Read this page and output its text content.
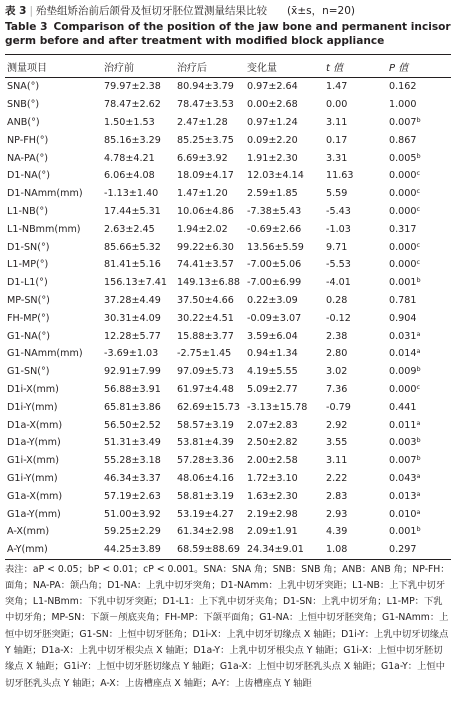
表 3 | 殆垫组矫治前后颌骨及恒切牙胚位置测量结果比较 (x̄±s，n=20)
Table 3 Comparison of the position of the jaw bone and permanent incisor germ before and after treatment with modified block appliance
测量项目	治疗前	治疗后	变化量	t 值	P 值
SNA(°)	79.97±2.38	80.94±3.79	0.97±2.64	1.47	0.162
SNB(°)	78.47±2.62	78.47±3.53	0.00±2.68	0.00	1.000
ANB(°)	1.50±1.53	2.47±1.28	0.97±1.24	3.11	0.007$^b$
NP-FH(°)	85.16±3.29	85.25±3.75	0.09±2.20	0.17	0.867
NA-PA(°)	4.78±4.21	6.69±3.92	1.91±2.30	3.31	0.005$^b$
D1-NA(°)	6.06±4.08	18.09±4.17	12.03±4.14	11.63	0.000$^c$
D1-NAmm(mm)	-1.13±1.40	1.47±1.20	2.59±1.85	5.59	0.000$^c$
L1-NB(°)	17.44±5.31	10.06±4.86	-7.38±5.43	-5.43	0.000$^c$
L1-NBmm(mm)	2.63±2.45	1.94±2.02	-0.69±2.66	-1.03	0.317
D1-SN(°)	85.66±5.32	99.22±6.30	13.56±5.59	9.71	0.000$^c$
L1-MP(°)	81.41±5.16	74.41±3.57	-7.00±5.06	-5.53	0.000$^c$
D1-L1(°)	156.13±7.41	149.13±6.88	-7.00±6.99	-4.01	0.001$^b$
MP-SN(°)	37.28±4.49	37.50±4.66	0.22±3.09	0.28	0.781
FH-MP(°)	30.31±4.09	30.22±4.51	-0.09±3.07	-0.12	0.904
G1-NA(°)	12.28±5.77	15.88±3.77	3.59±6.04	2.38	0.031$^a$
G1-NAmm(mm)	-3.69±1.03	-2.75±1.45	0.94±1.34	2.80	0.014$^a$
G1-SN(°)	92.91±7.99	97.09±5.73	4.19±5.55	3.02	0.009$^b$
D1i-X(mm)	56.88±3.91	61.97±4.48	5.09±2.77	7.36	0.000$^c$
D1i-Y(mm)	65.81±3.86	62.69±15.73	-3.13±15.78	-0.79	0.441
D1a-X(mm)	56.50±2.52	58.57±3.19	2.07±2.83	2.92	0.011$^a$
D1a-Y(mm)	51.31±3.49	53.81±4.39	2.50±2.82	3.55	0.003$^b$
G1i-X(mm)	55.28±3.18	57.28±3.36	2.00±2.58	3.11	0.007$^b$
G1i-Y(mm)	46.34±3.37	48.06±4.16	1.72±3.10	2.22	0.043$^a$
G1a-X(mm)	57.19±2.63	58.81±3.19	1.63±2.30	2.83	0.013$^a$
G1a-Y(mm)	51.00±3.92	53.19±4.27	2.19±2.98	2.93	0.010$^a$
A-X(mm)	59.25±2.29	61.34±2.98	2.09±1.91	4.39	0.001$^b$
A-Y(mm)	44.25±3.89	68.59±88.69	24.34±9.01	1.08	0.297
表注：aP < 0.05；bP < 0.01；cP < 0.001。SNA：SNA 角；SNB：SNB 角；ANB：ANB 角；NP-FH：面角；NA-PA：颌凸角；D1-NA：上乳中切牙突角；D1-NAmm：上乳中切牙突距；L1-NB：上下乳中切牙突角；L1-NBmm：下乳中切牙突距；D1-L1：上下乳中切牙夹角；D1-SN：上乳中切牙角；L1-MP：下乳中切牙角；MP-SN：下颌－颅底夹角；FH-MP：下颌平面角；G1-NA：上恒中切牙胚突角；G1-NAmm：上恒中切牙胚突距；G1-SN：上恒中切牙胚角；D1i-X：上乳中切牙切缘点 X 轴距；D1i-Y：上乳中切牙切缘点 Y 轴距；D1a-X：上乳中切牙根尖点 X 轴距；D1a-Y：上乳中切牙根尖点 Y 轴距；G1i-X：上恒中切牙胚切缘点 X 轴距；G1i-Y：上恒中切牙胚切缘点 Y 轴距；G1a-X：上恒中切牙胚乳头点 X 轴距；G1a-Y：上恒中切牙胚乳头点 Y 轴距；A-X：上齿槽座点 X 轴距；A-Y：上齿槽座点 Y 轴距
